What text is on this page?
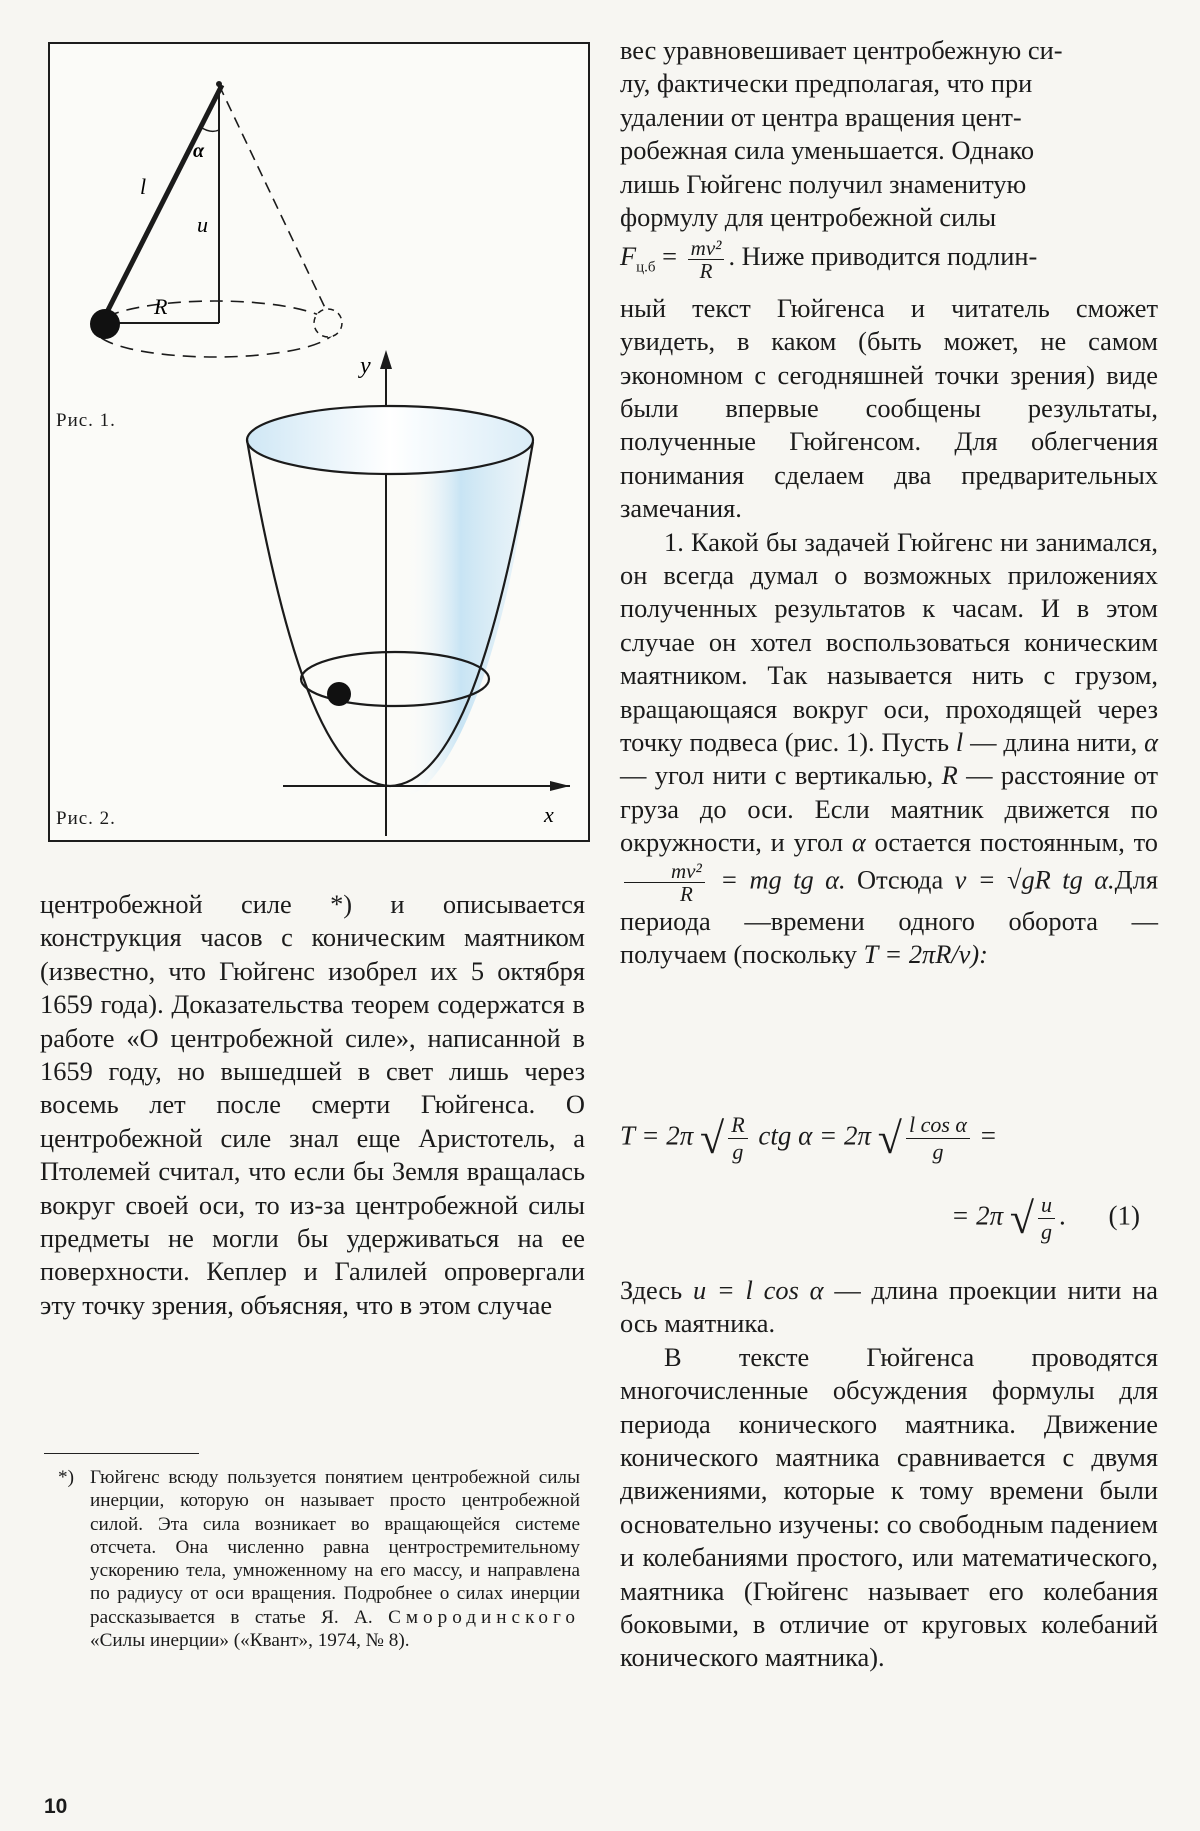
α
l
u
R
y
x
Рис. 1.
Рис. 2.

вес уравновешивает центробежную си-

лу, фактически предполагая, что при

удалении от центра вращения цент-

робежная сила уменьшается. Однако

лишь Гюйгенс получил знаменитую

формулу для центробежной силы

$F_{ц.б} = \frac{\text{mv²}}{R}$ . Ниже приводится подлин-

ный текст Гюйгенса и читатель сможет увидеть, в каком (быть может, не самом экономном с сегодняшней точки зрения) виде были впервые сообщены результаты, полученные Гюйгенсом. Для облегчения понимания сделаем два предварительных замечания.

1. Какой бы задачей Гюйгенс ни занимался, он всегда думал о возможных приложениях полученных результатов к часам. И в этом случае он хотел воспользоваться коническим маятником. Так называется нить с грузом, вращающаяся вокруг оси, проходящей через точку подвеса (рис. 1). Пусть l — длина нити, α — угол нити с вертикалью, R — расстояние от груза до оси. Если маятник движется по окружности, и угол α остается постоянным, то
$\frac{\text{mv²}}{R}$ = mg tg α. Отсюда v = √gR tg α.Для периода —времени одного оборота — получаем (поскольку T = 2πR/v):

T = 2π √ $\frac{R}{g}$ ctg α = 2π √ $\frac{\text{l cos α}}{g}$ =
= 2π √ $\frac{u}{g}$ . (1)

Здесь u = l cos α — длина проекции нити на ось маятника.

В тексте Гюйгенса проводятся многочисленные обсуждения формулы для периода конического маятника. Движение конического маятника сравнивается с двумя движениями, которые к тому времени были основательно изучены: со свободным падением и колебаниями простого, или математического, маятника (Гюйгенс называет его колебания боковыми, в отличие от круговых колебаний конического маятника).

центробежной силе *) и описывается конструкция часов с коническим маятником (известно, что Гюйгенс изобрел их 5 октября 1659 года). Доказательства теорем содержатся в работе «О центробежной силе», написанной в 1659 году, но вышедшей в свет лишь через восемь лет после смерти Гюйгенса. О центробежной силе знал еще Аристотель, а Птолемей считал, что если бы Земля вращалась вокруг своей оси, то из-за центробежной силы предметы не могли бы удерживаться на ее поверхности. Кеплер и Галилей опровергали эту точку зрения, объясняя, что в этом случае

*) Гюйгенс всюду пользуется понятием центробежной силы инерции, которую он называет просто центробежной силой. Эта сила возникает во вращающейся системе отсчета. Она численно равна центростремительному ускорению тела, умноженному на его массу, и направлена по радиусу от оси вращения. Подробнее о силах инерции рассказывается в статье Я. А. Смородинского «Силы инерции» («Квант», 1974, № 8).
10
